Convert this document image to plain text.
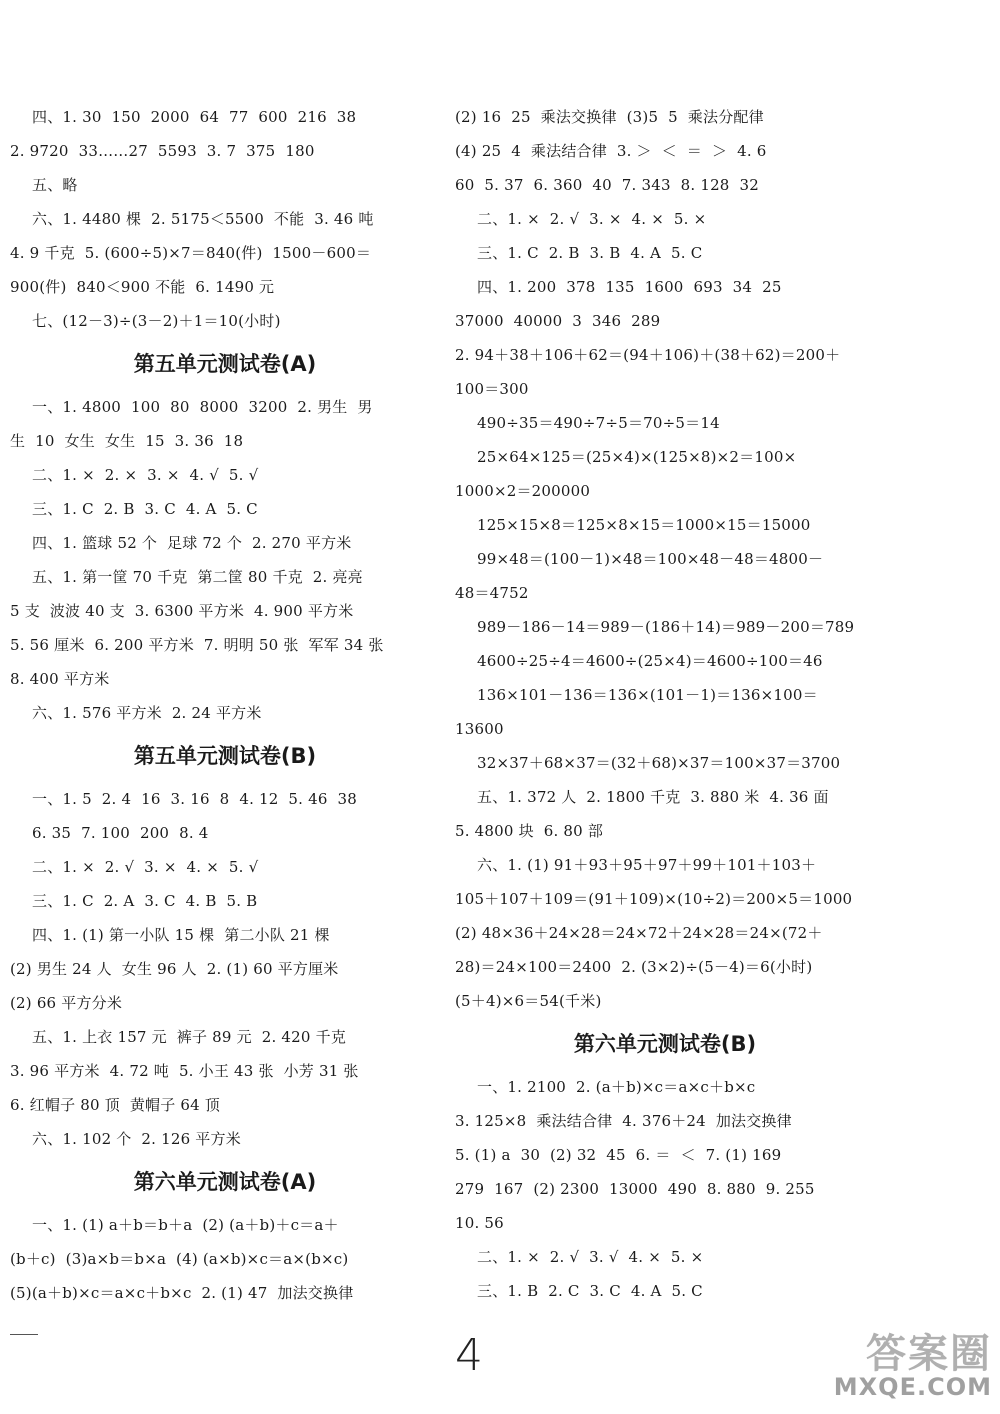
四、1. 30  150  2000  64  77  600  216  38
2. 9720  33……27  5593  3. 7  375  180
五、略
六、1. 4480 棵  2. 5175＜5500  不能  3. 46 吨
4. 9 千克  5. (600÷5)×7＝840(件)  1500－600＝
900(件)  840＜900 不能  6. 1490 元
七、(12－3)÷(3－2)＋1＝10(小时)
第五单元测试卷(A)
一、1. 4800  100  80  8000  3200  2. 男生  男
生  10  女生  女生  15  3. 36  18
二、1. ×  2. ×  3. ×  4. √  5. √
三、1. C  2. B  3. C  4. A  5. C
四、1. 篮球 52 个  足球 72 个  2. 270 平方米
五、1. 第一筐 70 千克  第二筐 80 千克  2. 亮亮
5 支  波波 40 支  3. 6300 平方米  4. 900 平方米
5. 56 厘米  6. 200 平方米  7. 明明 50 张  军军 34 张
8. 400 平方米
六、1. 576 平方米  2. 24 平方米
第五单元测试卷(B)
一、1. 5  2. 4  16  3. 16  8  4. 12  5. 46  38
6. 35  7. 100  200  8. 4
二、1. ×  2. √  3. ×  4. ×  5. √
三、1. C  2. A  3. C  4. B  5. B
四、1. (1) 第一小队 15 棵  第二小队 21 棵
(2) 男生 24 人  女生 96 人  2. (1) 60 平方厘米
(2) 66 平方分米
五、1. 上衣 157 元  裤子 89 元  2. 420 千克
3. 96 平方米  4. 72 吨  5. 小王 43 张  小芳 31 张
6. 红帽子 80 顶  黄帽子 64 顶
六、1. 102 个  2. 126 平方米
第六单元测试卷(A)
一、1. (1) a＋b＝b＋a  (2) (a＋b)＋c＝a＋
(b＋c)  (3)a×b＝b×a  (4) (a×b)×c＝a×(b×c)
(5)(a＋b)×c＝a×c＋b×c  2. (1) 47  加法交换律
(2) 16  25  乘法交换律  (3)5  5  乘法分配律
(4) 25  4  乘法结合律  3. ＞  ＜  ＝  ＞  4. 6
60  5. 37  6. 360  40  7. 343  8. 128  32
二、1. ×  2. √  3. ×  4. ×  5. ×
三、1. C  2. B  3. B  4. A  5. C
四、1. 200  378  135  1600  693  34  25
37000  40000  3  346  289
2. 94＋38＋106＋62＝(94＋106)＋(38＋62)＝200＋
100＝300
490÷35＝490÷7÷5＝70÷5＝14
25×64×125＝(25×4)×(125×8)×2＝100×
1000×2＝200000
125×15×8＝125×8×15＝1000×15＝15000
99×48＝(100－1)×48＝100×48－48＝4800－
48＝4752
989－186－14＝989－(186＋14)＝989－200＝789
4600÷25÷4＝4600÷(25×4)＝4600÷100＝46
136×101－136＝136×(101－1)＝136×100＝
13600
32×37＋68×37＝(32＋68)×37＝100×37＝3700
五、1. 372 人  2. 1800 千克  3. 880 米  4. 36 面
5. 4800 块  6. 80 部
六、1. (1) 91＋93＋95＋97＋99＋101＋103＋
105＋107＋109＝(91＋109)×(10÷2)＝200×5＝1000
(2) 48×36＋24×28＝24×72＋24×28＝24×(72＋
28)＝24×100＝2400  2. (3×2)÷(5－4)＝6(小时)
(5＋4)×6＝54(千米)
第六单元测试卷(B)
一、1. 2100  2. (a＋b)×c＝a×c＋b×c
3. 125×8  乘法结合律  4. 376＋24  加法交换律
5. (1) a  30  (2) 32  45  6. ＝  ＜  7. (1) 169
279  167  (2) 2300  13000  490  8. 880  9. 255
10. 56
二、1. ×  2. √  3. √  4. ×  5. ×
三、1. B  2. C  3. C  4. A  5. C
4	答案圈
MXQE.COM
